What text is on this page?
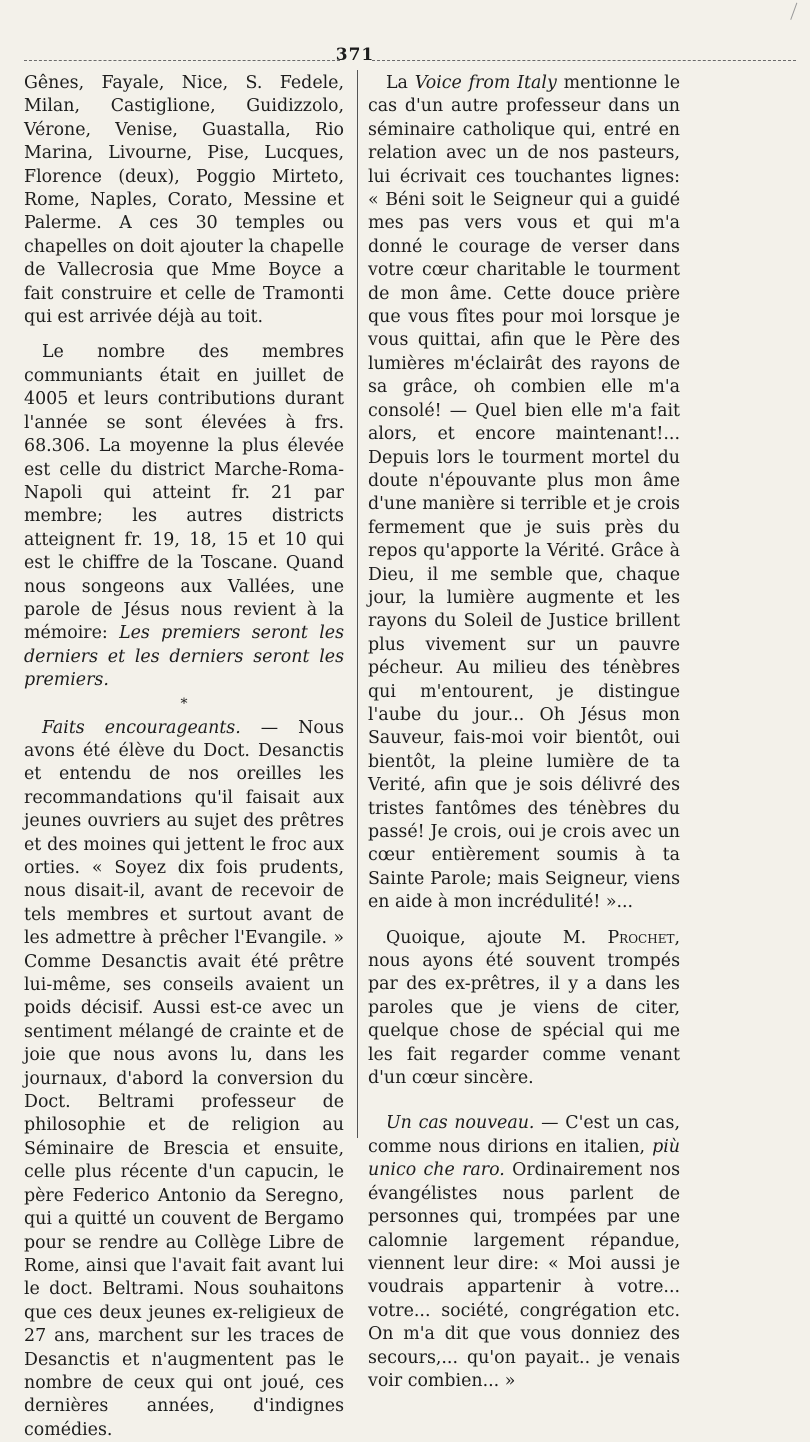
371

Gênes, Fayale, Nice, S. Fedele, Milan, Castiglione, Guidizzolo, Vérone, Venise, Guastalla, Rio Marina, Livourne, Pise, Lucques, Florence (deux), Poggio Mirteto, Rome, Naples, Corato, Messine et Palerme. A ces 30 temples ou chapelles on doit ajouter la chapelle de Vallecrosia que Mme Boyce a fait construire et celle de Tramonti qui est arrivée déjà au toit.

Le nombre des membres communiants était en juillet de 4005 et leurs contributions durant l'année se sont élevées à frs. 68.306. La moyenne la plus élevée est celle du district Marche-Roma-Napoli qui atteint fr. 21 par membre; les autres districts atteignent fr. 19, 18, 15 et 10 qui est le chiffre de la Toscane. Quand nous songeons aux Vallées, une parole de Jésus nous revient à la mémoire: Les premiers seront les derniers et les derniers seront les premiers.

*

Faits encourageants. — Nous avons été élève du Doct. Desanctis et entendu de nos oreilles les recommandations qu'il faisait aux jeunes ouvriers au sujet des prêtres et des moines qui jettent le froc aux orties. « Soyez dix fois prudents, nous disait-il, avant de recevoir de tels membres et surtout avant de les admettre à prêcher l'Evangile. » Comme Desanctis avait été prêtre lui-même, ses conseils avaient un poids décisif. Aussi est-ce avec un sentiment mélangé de crainte et de joie que nous avons lu, dans les journaux, d'abord la conversion du Doct. Beltrami professeur de philosophie et de religion au Séminaire de Brescia et ensuite, celle plus récente d'un capucin, le père Federico Antonio da Seregno, qui a quitté un couvent de Bergamo pour se rendre au Collège Libre de Rome, ainsi que l'avait fait avant lui le doct. Beltrami. Nous souhaitons que ces deux jeunes ex-religieux de 27 ans, marchent sur les traces de Desanctis et n'augmentent pas le nombre de ceux qui ont joué, ces dernières années, d'indignes comédies.

La Voice from Italy mentionne le cas d'un autre professeur dans un séminaire catholique qui, entré en relation avec un de nos pasteurs, lui écrivait ces touchantes lignes: « Béni soit le Seigneur qui a guidé mes pas vers vous et qui m'a donné le courage de verser dans votre cœur charitable le tourment de mon âme. Cette douce prière que vous fîtes pour moi lorsque je vous quittai, afin que le Père des lumières m'éclairât des rayons de sa grâce, oh combien elle m'a consolé! — Quel bien elle m'a fait alors, et encore maintenant!... Depuis lors le tourment mortel du doute n'épouvante plus mon âme d'une manière si terrible et je crois fermement que je suis près du repos qu'apporte la Vérité. Grâce à Dieu, il me semble que, chaque jour, la lumière augmente et les rayons du Soleil de Justice brillent plus vivement sur un pauvre pécheur. Au milieu des ténèbres qui m'entourent, je distingue l'aube du jour... Oh Jésus mon Sauveur, fais-moi voir bientôt, oui bientôt, la pleine lumière de ta Verité, afin que je sois délivré des tristes fantômes des ténèbres du passé! Je crois, oui je crois avec un cœur entièrement soumis à ta Sainte Parole; mais Seigneur, viens en aide à mon incrédulité! »...

Quoique, ajoute M. Prochet, nous ayons été souvent trompés par des ex-prêtres, il y a dans les paroles que je viens de citer, quelque chose de spécial qui me les fait regarder comme venant d'un cœur sincère.

Un cas nouveau. — C'est un cas, comme nous dirions en italien, più unico che raro. Ordinairement nos évangélistes nous parlent de personnes qui, trompées par une calomnie largement répandue, viennent leur dire: « Moi aussi je voudrais appartenir à votre... votre... société, congrégation etc. On m'a dit que vous donniez des secours,... qu'on payait.. je venais voir combien... »
